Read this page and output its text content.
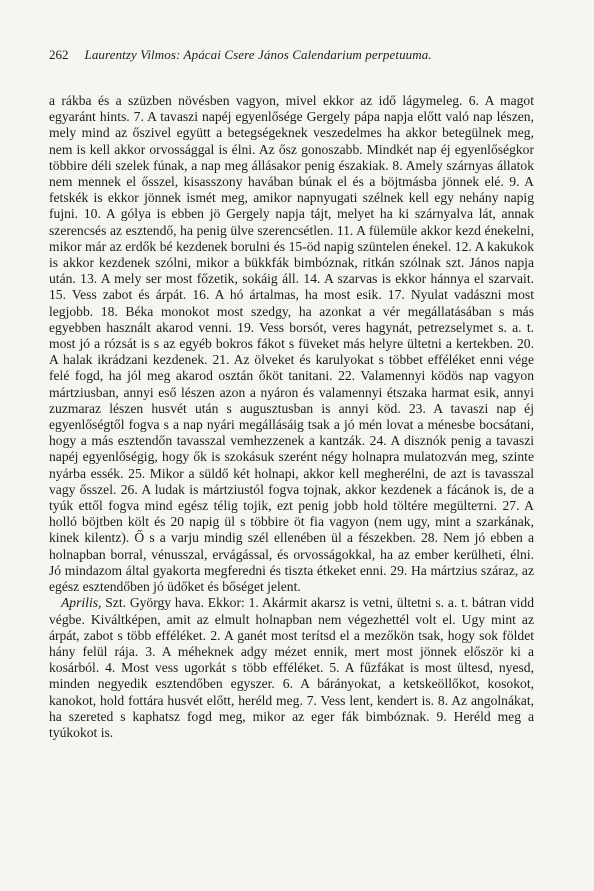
262 Laurentzy Vilmos: Apácai Csere János Calendarium perpetuuma.

a rákba és a szüzben növésben vagyon, mivel ekkor az idő lágymeleg. 6. A magot egyaránt hints. 7. A tavaszi napéj egyenlősége Gergely pápa napja előtt való nap lészen, mely mind az őszivel együtt a betegségeknek veszedelmes ha akkor betegülnek meg, nem is kell akkor orvossággal is élni. Az ősz gonoszabb. Mindkét nap éj egyenlőségkor többire déli szelek fúnak, a nap meg állásakor penig északiak. 8. Amely szárnyas állatok nem mennek el ősszel, kisasszony havában búnak el és a böjtmásba jönnek elé. 9. A fetskék is ekkor jönnek ismét meg, amikor napnyugati szélnek kell egy nehány napig fujni. 10. A gólya is ebben jö Gergely napja tájt, melyet ha ki szárnyalva lát, annak szerencsés az esztendő, ha penig ülve szerencsétlen. 11. A fülemüle akkor kezd énekelni, mikor már az erdők bé kezdenek borulni és 15-öd napig szüntelen énekel. 12. A kakukok is akkor kezdenek szólni, mikor a bükkfák bimbóznak, ritkán szólnak szt. János napja után. 13. A mely ser most főzetik, sokáig áll. 14. A szarvas is ekkor hánnya el szarvait. 15. Vess zabot és árpát. 16. A hó ártalmas, ha most esik. 17. Nyulat vadászni most legjobb. 18. Béka monokot most szedgy, ha azonkat a vér megállatásában s más egyebben használt akarod venni. 19. Vess borsót, veres hagynát, petrezselymet s. a. t. most jó a rózsát is s az egyéb bokros fákot s füveket más helyre ültetni a kertekben. 20. A halak ikrádzani kezdenek. 21. Az ölveket és karulyokat s többet efféléket enni vége felé fogd, ha jól meg akarod osztán őköt tanitani. 22. Valamennyi ködös nap vagyon mártziusban, annyi eső lészen azon a nyáron és valamennyi étszaka harmat esik, annyi zuzmaraz lészen husvét után s augusztusban is annyi köd. 23. A tavaszi nap éj egyenlőségtől fogva s a nap nyári megállásáig tsak a jó mén lovat a ménesbe bocsátani, hogy a más esztendőn tavasszal vemhezzenek a kantzák. 24. A disznók penig a tavaszi napéj egyenlőségig, hogy ők is szokásuk szerént négy holnapra mulatozván meg, szinte nyárba essék. 25. Mikor a süldő két holnapi, akkor kell megherélni, de azt is tavasszal vagy ősszel. 26. A ludak is mártziustól fogva tojnak, akkor kezdenek a fácánok is, de a tyúk ettől fogva mind egész télig tojik, ezt penig jobb hold töltére megülteтni. 27. A holló böjtben költ és 20 napig ül s többire öt fia vagyon (nem ugy, mint a szarkának, kinek kilentz). Ő s a varju mindig szél ellenében ül a fészekben. 28. Nem jó ebben a holnapban borral, vénusszal, ervágással, és orvosságokkal, ha az ember kerülheti, élni. Jó mindazom által gyakorta megferedni és tiszta étkeket enni. 29. Ha mártzius száraz, az egész esztendőben jó üdőket és bőséget jelent.

Aprilis, Szt. György hava. Ekkor: 1. Akármit akarsz is vetni, ültetni s. a. t. bátran vidd végbe. Kiváltképen, amit az elmult holnapban nem végezhettél volt el. Ugy mint az árpát, zabot s több efféléket. 2. A ganét most terítsd el a mezőkön tsak, hogy sok földet hány felül rája. 3. A méheknek adgy mézet ennik, mert most jönnek először ki a kosárból. 4. Most vess ugorkát s több efféléket. 5. A fűzfákat is most ültesd, nyesd, minden negyedik esztendőben egyszer. 6. A bárányokat, a ketskeöllőkot, kosokot, kanokot, hold fottára husvét előtt, heréld meg. 7. Vess lent, kendert is. 8. Az angolnákat, ha szereted s kaphatsz fogd meg, mikor az eger fák bimbóznak. 9. Heréld meg a tyúkokot is.
